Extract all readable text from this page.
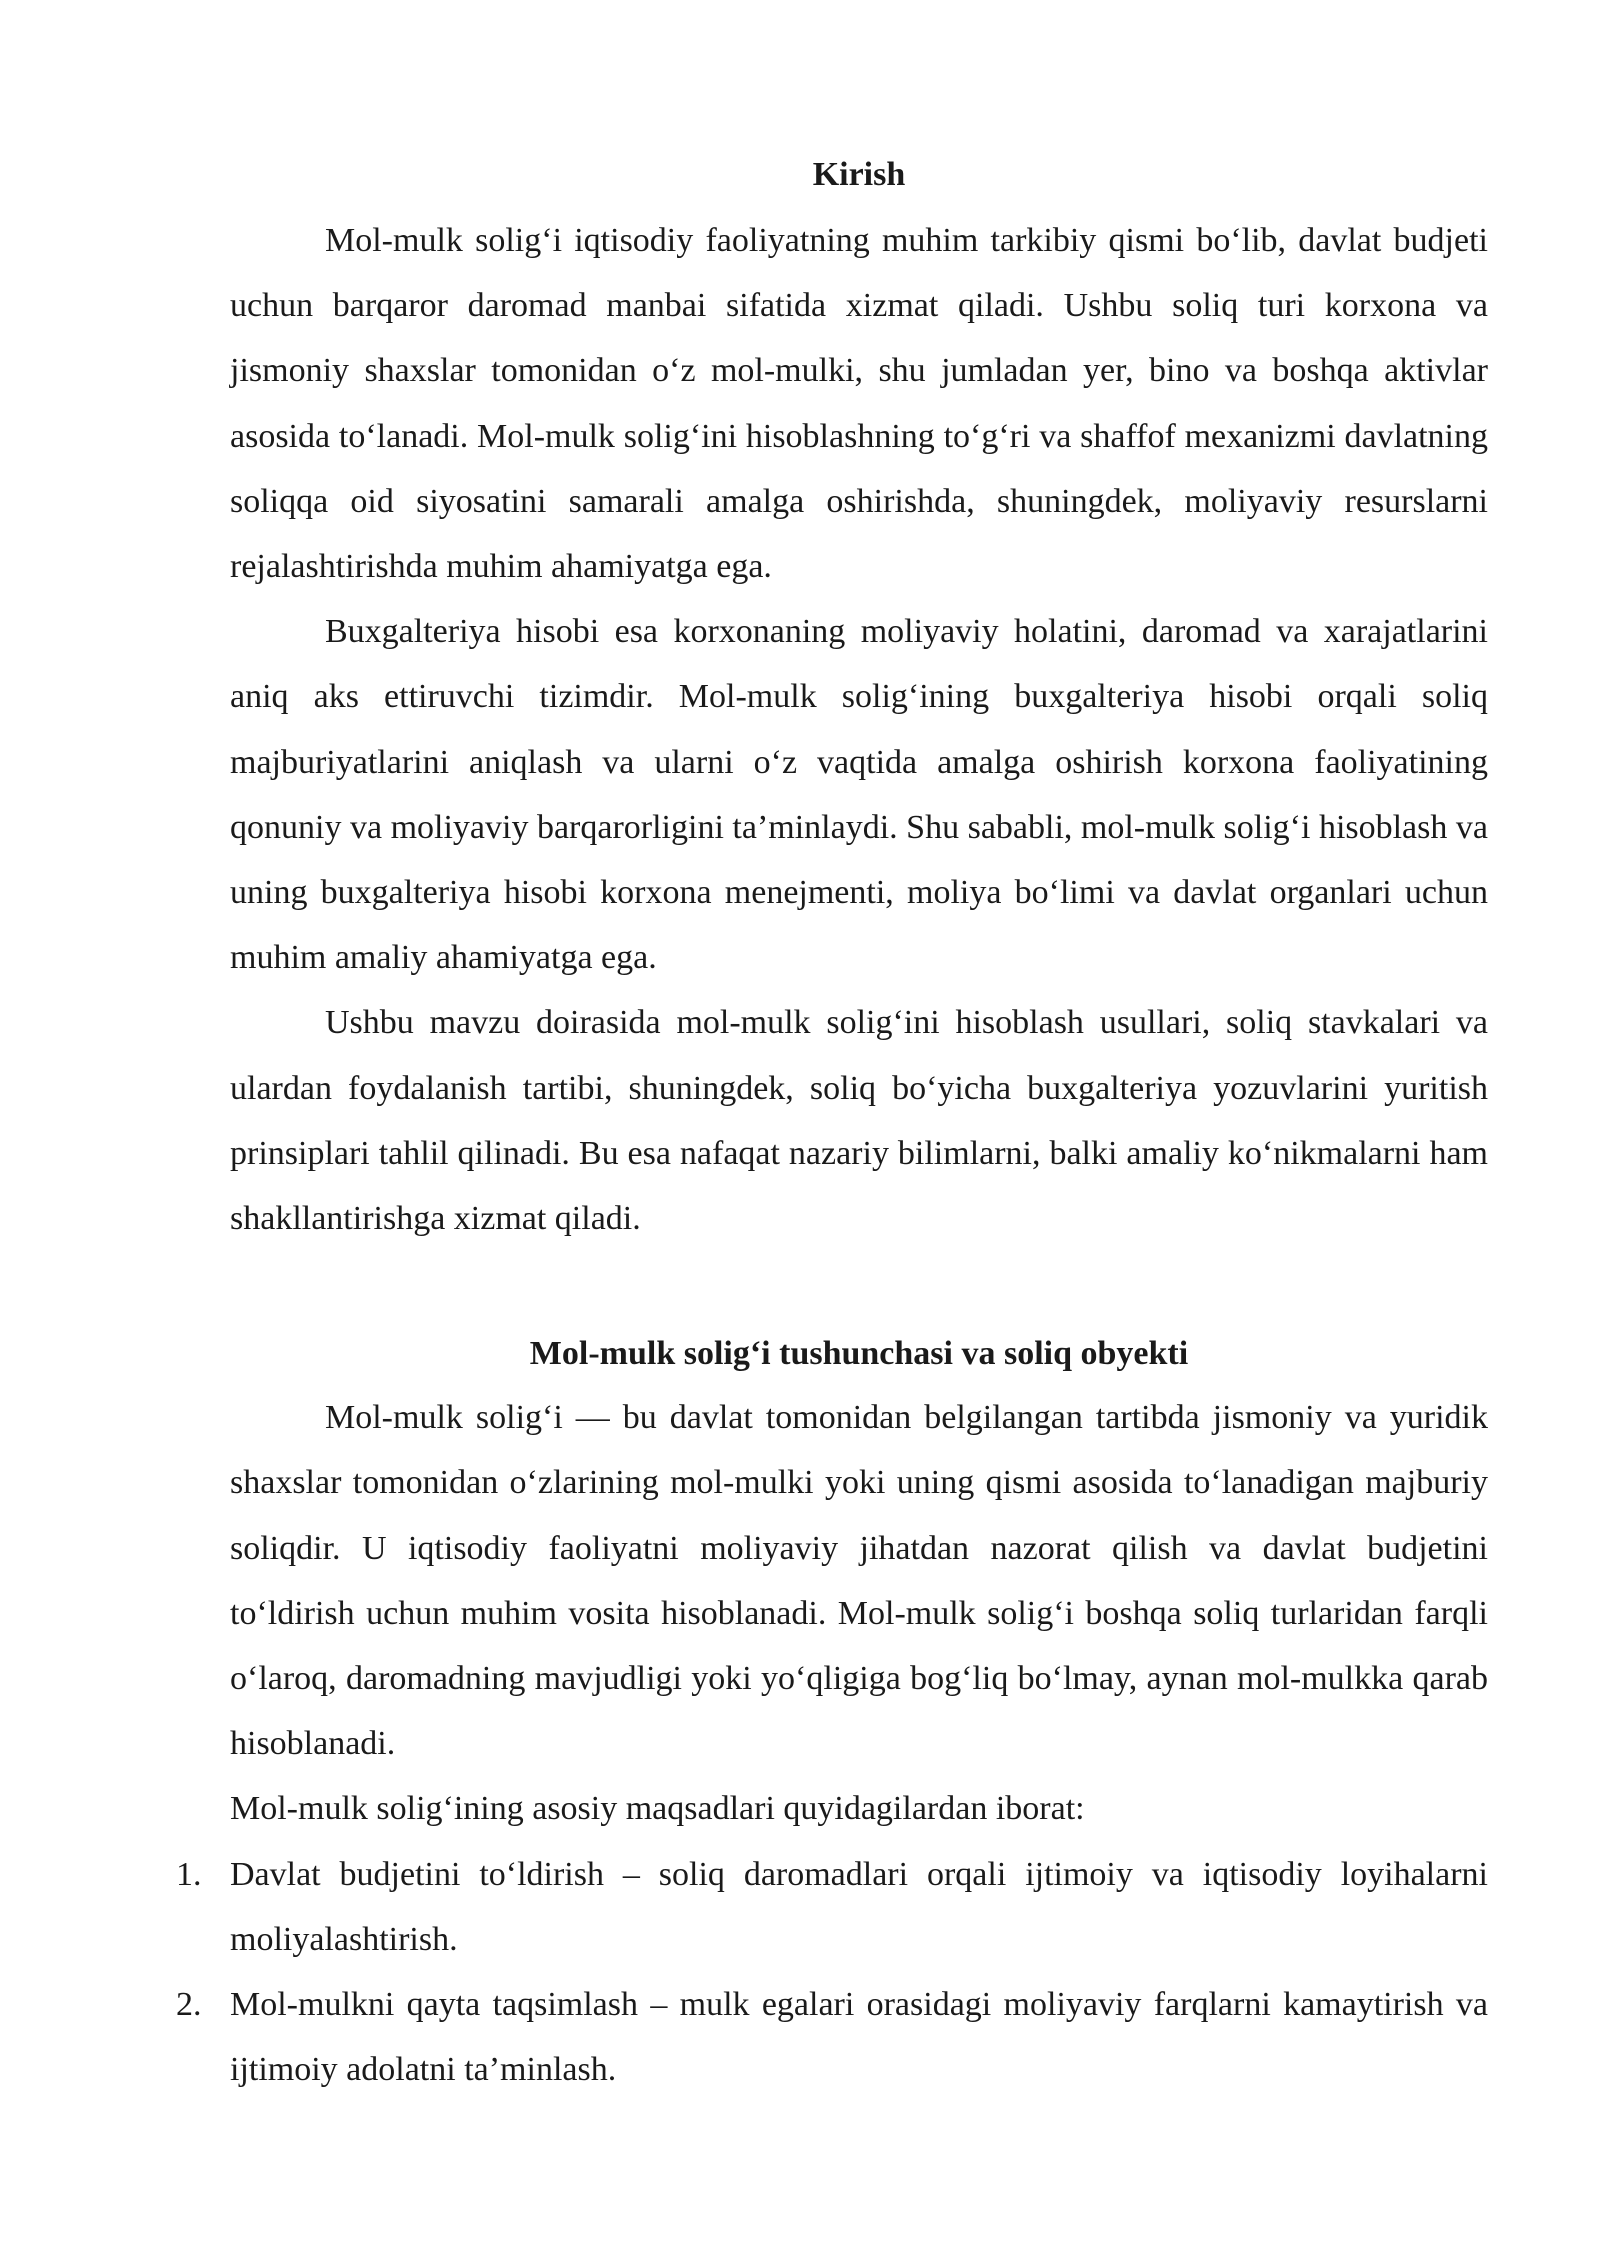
Kirish

Mol-mulk solig‘i iqtisodiy faoliyatning muhim tarkibiy qismi bo‘lib, davlat budjeti uchun barqaror daromad manbai sifatida xizmat qiladi. Ushbu soliq turi korxona va jismoniy shaxslar tomonidan o‘z mol-mulki, shu jumladan yer, bino va boshqa aktivlar asosida to‘lanadi. Mol-mulk solig‘ini hisoblashning to‘g‘ri va shaffof mexanizmi davlatning soliqqa oid siyosatini samarali amalga oshirishda, shuningdek, moliyaviy resurslarni rejalashtirishda muhim ahamiyatga ega.

Buxgalteriya hisobi esa korxonaning moliyaviy holatini, daromad va xarajatlarini aniq aks ettiruvchi tizimdir. Mol-mulk solig‘ining buxgalteriya hisobi orqali soliq majburiyatlarini aniqlash va ularni o‘z vaqtida amalga oshirish korxona faoliyatining qonuniy va moliyaviy barqarorligini ta’minlaydi. Shu sababli, mol-mulk solig‘i hisoblash va uning buxgalteriya hisobi korxona menejmenti, moliya bo‘limi va davlat organlari uchun muhim amaliy ahamiyatga ega.

Ushbu mavzu doirasida mol-mulk solig‘ini hisoblash usullari, soliq stavkalari va ulardan foydalanish tartibi, shuningdek, soliq bo‘yicha buxgalteriya yozuvlarini yuritish prinsiplari tahlil qilinadi. Bu esa nafaqat nazariy bilimlarni, balki amaliy ko‘nikmalarni ham shakllantirishga xizmat qiladi.

Mol-mulk solig‘i tushunchasi va soliq obyekti

Mol-mulk solig‘i — bu davlat tomonidan belgilangan tartibda jismoniy va yuridik shaxslar tomonidan o‘zlarining mol-mulki yoki uning qismi asosida to‘lanadigan majburiy soliqdir. U iqtisodiy faoliyatni moliyaviy jihatdan nazorat qilish va davlat budjetini to‘ldirish uchun muhim vosita hisoblanadi. Mol-mulk solig‘i boshqa soliq turlaridan farqli o‘laroq, daromadning mavjudligi yoki yo‘qligiga bog‘liq bo‘lmay, aynan mol-mulkka qarab hisoblanadi.

Mol-mulk solig‘ining asosiy maqsadlari quyidagilardan iborat:

1. Davlat budjetini to‘ldirish – soliq daromadlari orqali ijtimoiy va iqtisodiy loyihalarni moliyalashtirish.
2. Mol-mulkni qayta taqsimlash – mulk egalari orasidagi moliyaviy farqlarni kamaytirish va ijtimoiy adolatni ta’minlash.
